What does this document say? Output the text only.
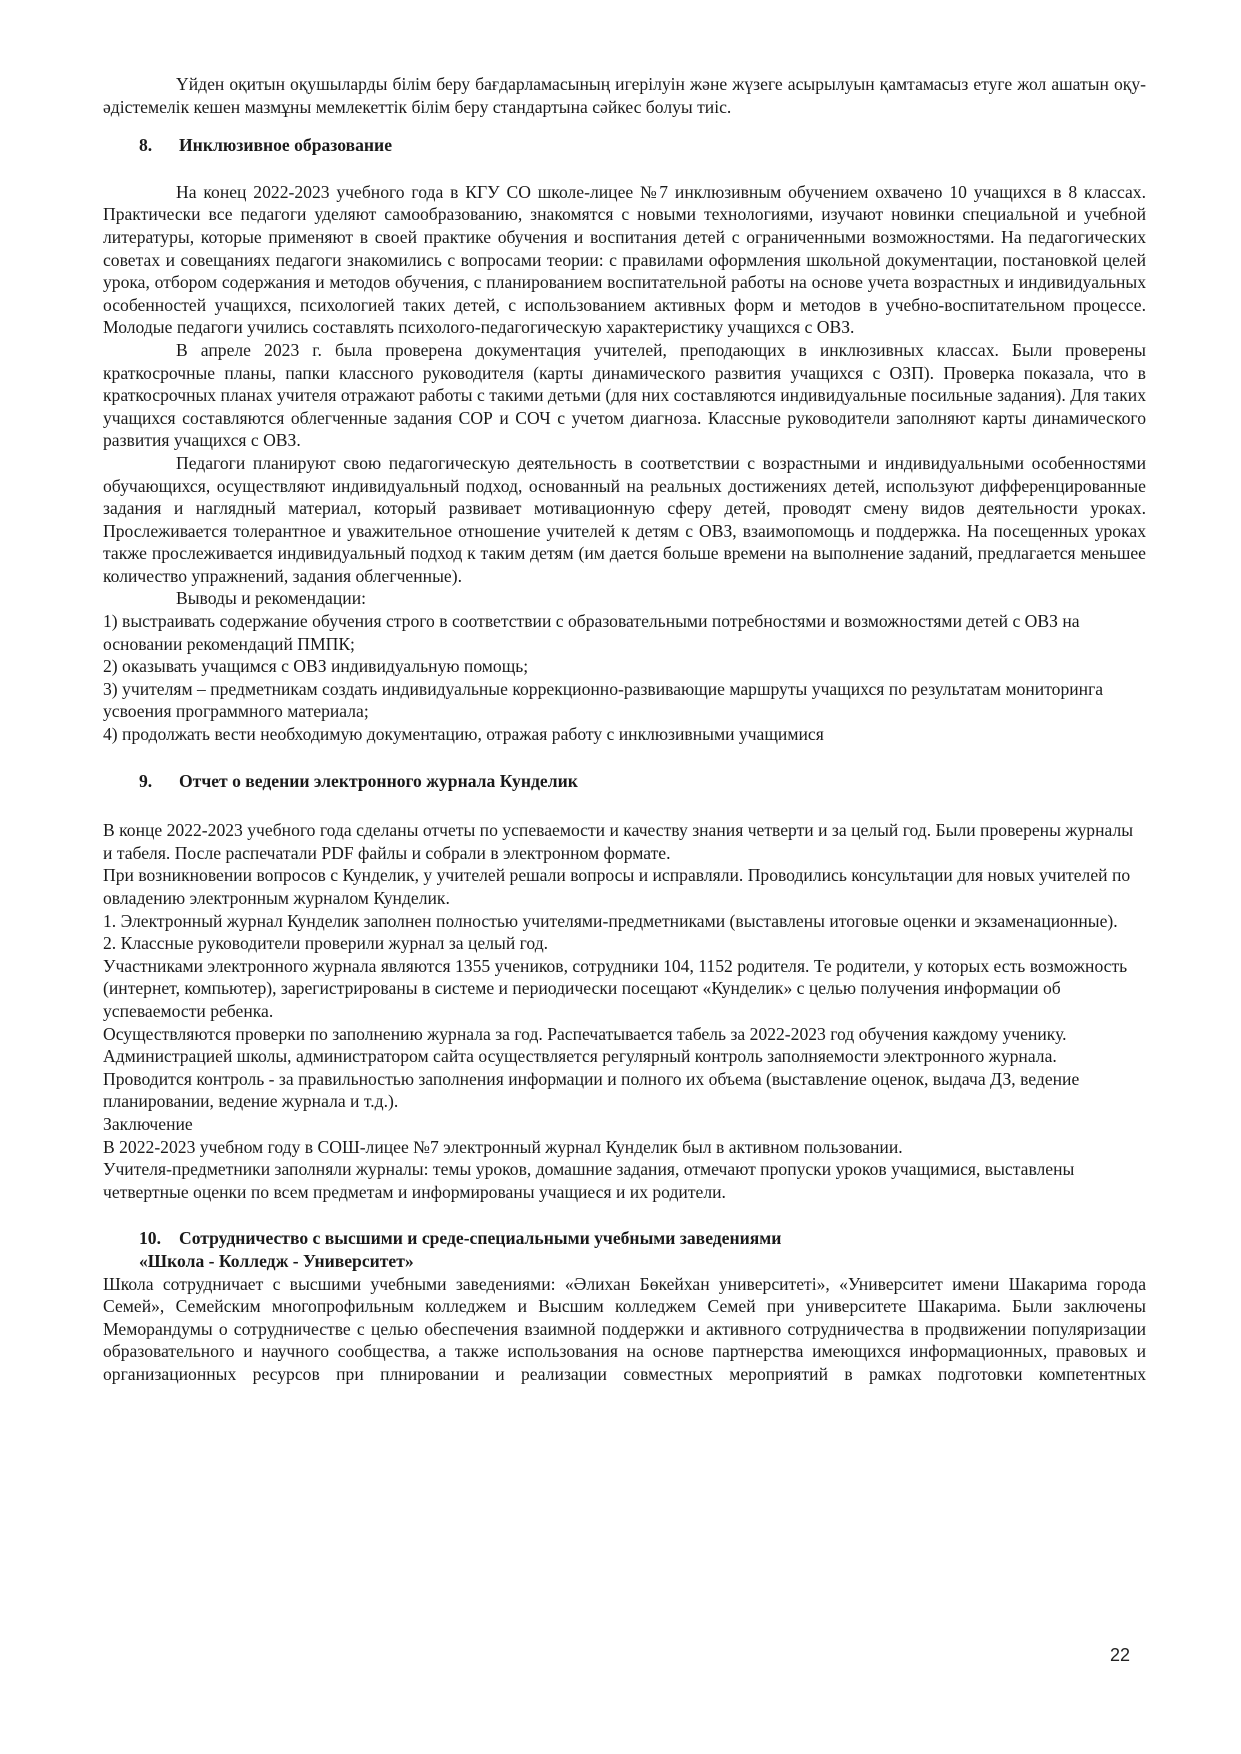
Үйден оқитын оқушыларды білім беру бағдарламасының игерілуін және жүзеге асырылуын қамтамасыз етуге жол ашатын оқу-әдістемелік кешен мазмұны мемлекеттік білім беру стандартына сәйкес болуы тиіс.

8. Инклюзивное образование

На конец 2022-2023 учебного года в КГУ СО школе-лицее №7 инклюзивным обучением охвачено 10 учащихся в 8 классах. Практически все педагоги уделяют самообразованию, знакомятся с новыми технологиями, изучают новинки специальной и учебной литературы, которые применяют в своей практике обучения и воспитания детей с ограниченными возможностями. На педагогических советах и совещаниях педагоги знакомились с вопросами теории: с правилами оформления школьной документации, постановкой целей урока, отбором содержания и методов обучения, с планированием воспитательной работы на основе учета возрастных и индивидуальных особенностей учащихся, психологией таких детей, с использованием активных форм и методов в учебно-воспитательном процессе. Молодые педагоги учились составлять психолого-педагогическую характеристику учащихся с ОВЗ.

В апреле 2023 г. была проверена документация учителей, преподающих в инклюзивных классах. Были проверены краткосрочные планы, папки классного руководителя (карты динамического развития учащихся с ОЗП). Проверка показала, что в краткосрочных планах учителя отражают работы с такими детьми (для них составляются индивидуальные посильные задания). Для таких учащихся составляются облегченные задания СОР и СОЧ с учетом диагноза. Классные руководители заполняют карты динамического развития учащихся с ОВЗ.

Педагоги планируют свою педагогическую деятельность в соответствии с возрастными и индивидуальными особенностями обучающихся, осуществляют индивидуальный подход, основанный на реальных достижениях детей, используют дифференцированные задания и наглядный материал, который развивает мотивационную сферу детей, проводят смену видов деятельности уроках. Прослеживается толерантное и уважительное отношение учителей к детям с ОВЗ, взаимопомощь и поддержка. На посещенных уроках также прослеживается индивидуальный подход к таким детям (им дается больше времени на выполнение заданий, предлагается меньшее количество упражнений, задания облегченные).

Выводы и рекомендации:

1) выстраивать содержание обучения строго в соответствии с образовательными потребностями и возможностями детей с ОВЗ на основании рекомендаций ПМПК;

2) оказывать учащимся с ОВЗ индивидуальную помощь;

3) учителям – предметникам создать индивидуальные коррекционно-развивающие маршруты учащихся по результатам мониторинга усвоения программного материала;

4) продолжать вести необходимую документацию, отражая работу с инклюзивными учащимися

9. Отчет о ведении электронного журнала Кунделик

В конце 2022-2023 учебного года сделаны отчеты по успеваемости и качеству знания четверти и за целый год. Были проверены журналы и табеля. После распечатали PDF файлы и собрали в электронном формате.

При возникновении вопросов с Кунделик, у учителей решали вопросы и исправляли. Проводились консультации для новых учителей по овладению электронным журналом Кунделик.

1. Электронный журнал Кунделик заполнен полностью учителями-предметниками (выставлены итоговые оценки и экзаменационные).

2. Классные руководители проверили журнал за целый год.

Участниками электронного журнала являются 1355 учеников, сотрудники 104, 1152 родителя. Те родители, у которых есть возможность (интернет, компьютер), зарегистрированы в системе и периодически посещают «Кунделик» с целью получения информации об успеваемости ребенка.

Осуществляются проверки по заполнению журнала за год. Распечатывается табель за 2022-2023 год обучения каждому ученику.

Администрацией школы, администратором сайта осуществляется регулярный контроль заполняемости электронного журнала. Проводится контроль - за правильностью заполнения информации и полного их объема (выставление оценок, выдача ДЗ, ведение планировании, ведение журнала и т.д.).

Заключение

В 2022-2023 учебном году в СОШ-лицее №7 электронный журнал Кунделик был в активном пользовании.

Учителя-предметники заполняли журналы: темы уроков, домашние задания, отмечают пропуски уроков учащимися, выставлены четвертные оценки по всем предметам и информированы учащиеся и их родители.

10. Сотрудничество с высшими и среде-специальными учебными заведениями
«Школа - Колледж - Университет»

Школа сотрудничает с высшими учебными заведениями: «Әлихан Бөкейхан университеті», «Университет имени Шакарима города Семей», Семейским многопрофильным колледжем и Высшим колледжем Семей при университете Шакарима. Были заключены Меморандумы о сотрудничестве с целью обеспечения взаимной поддержки и активного сотрудничества в продвижении популяризации образовательного и научного сообщества, а также использования на основе партнерства имеющихся информационных, правовых и организационных ресурсов при плнировании и реализации совместных мероприятий в рамках подготовки компетентных

22
